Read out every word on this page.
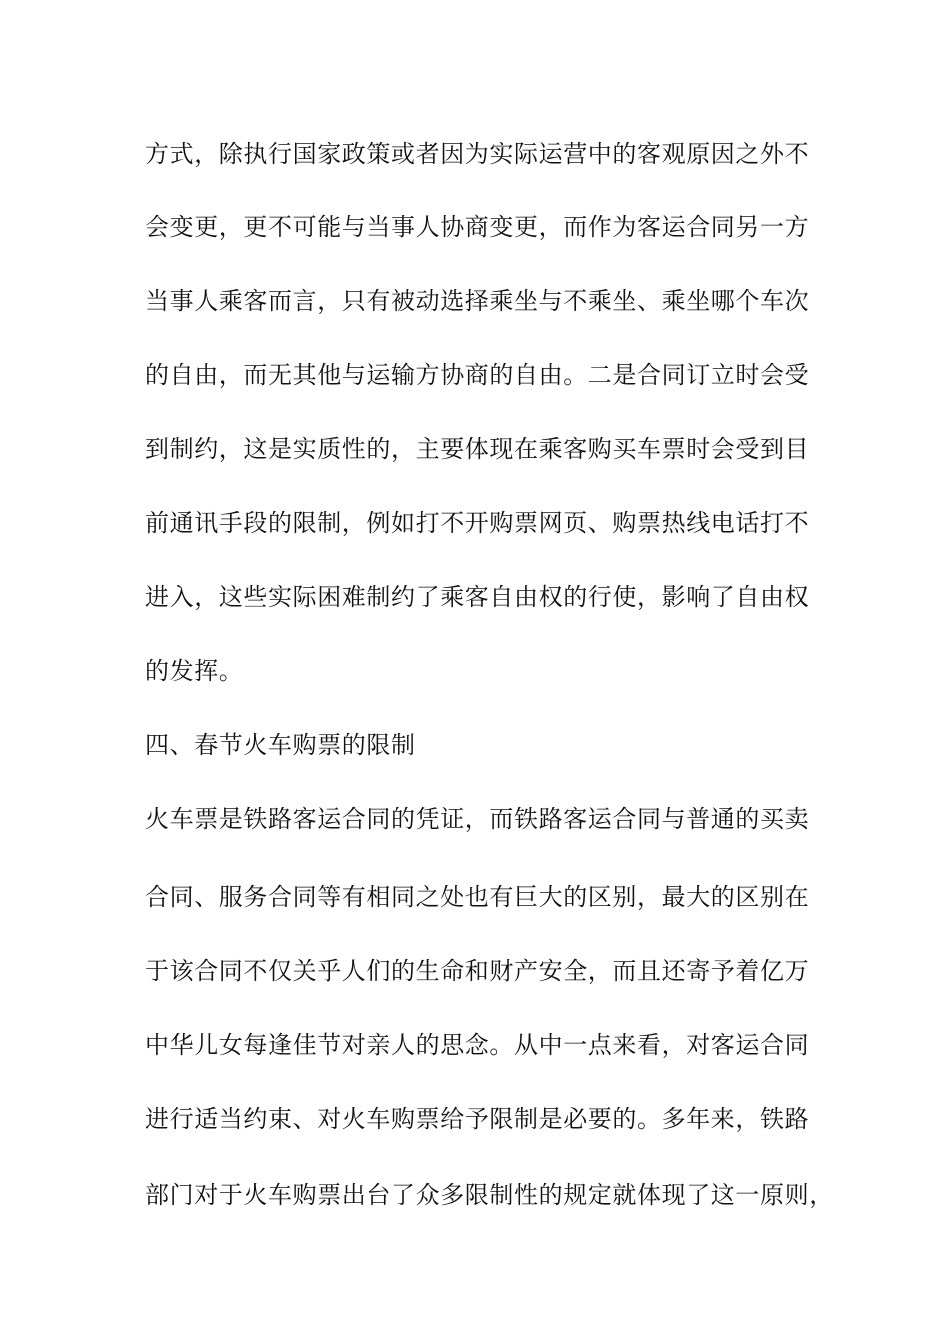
方式，除执行国家政策或者因为实际运营中的客观原因之外不
会变更，更不可能与当事人协商变更，而作为客运合同另一方
当事人乘客而言，只有被动选择乘坐与不乘坐、乘坐哪个车次
的自由，而无其他与运输方协商的自由。二是合同订立时会受
到制约，这是实质性的，主要体现在乘客购买车票时会受到目
前通讯手段的限制，例如打不开购票网页、购票热线电话打不
进入，这些实际困难制约了乘客自由权的行使，影响了自由权
的发挥。
四、春节火车购票的限制
火车票是铁路客运合同的凭证，而铁路客运合同与普通的买卖
合同、服务合同等有相同之处也有巨大的区别，最大的区别在
于该合同不仅关乎人们的生命和财产安全，而且还寄予着亿万
中华儿女每逢佳节对亲人的思念。从中一点来看，对客运合同
进行适当约束、对火车购票给予限制是必要的。多年来，铁路
部门对于火车购票出台了众多限制性的规定就体现了这一原则，
